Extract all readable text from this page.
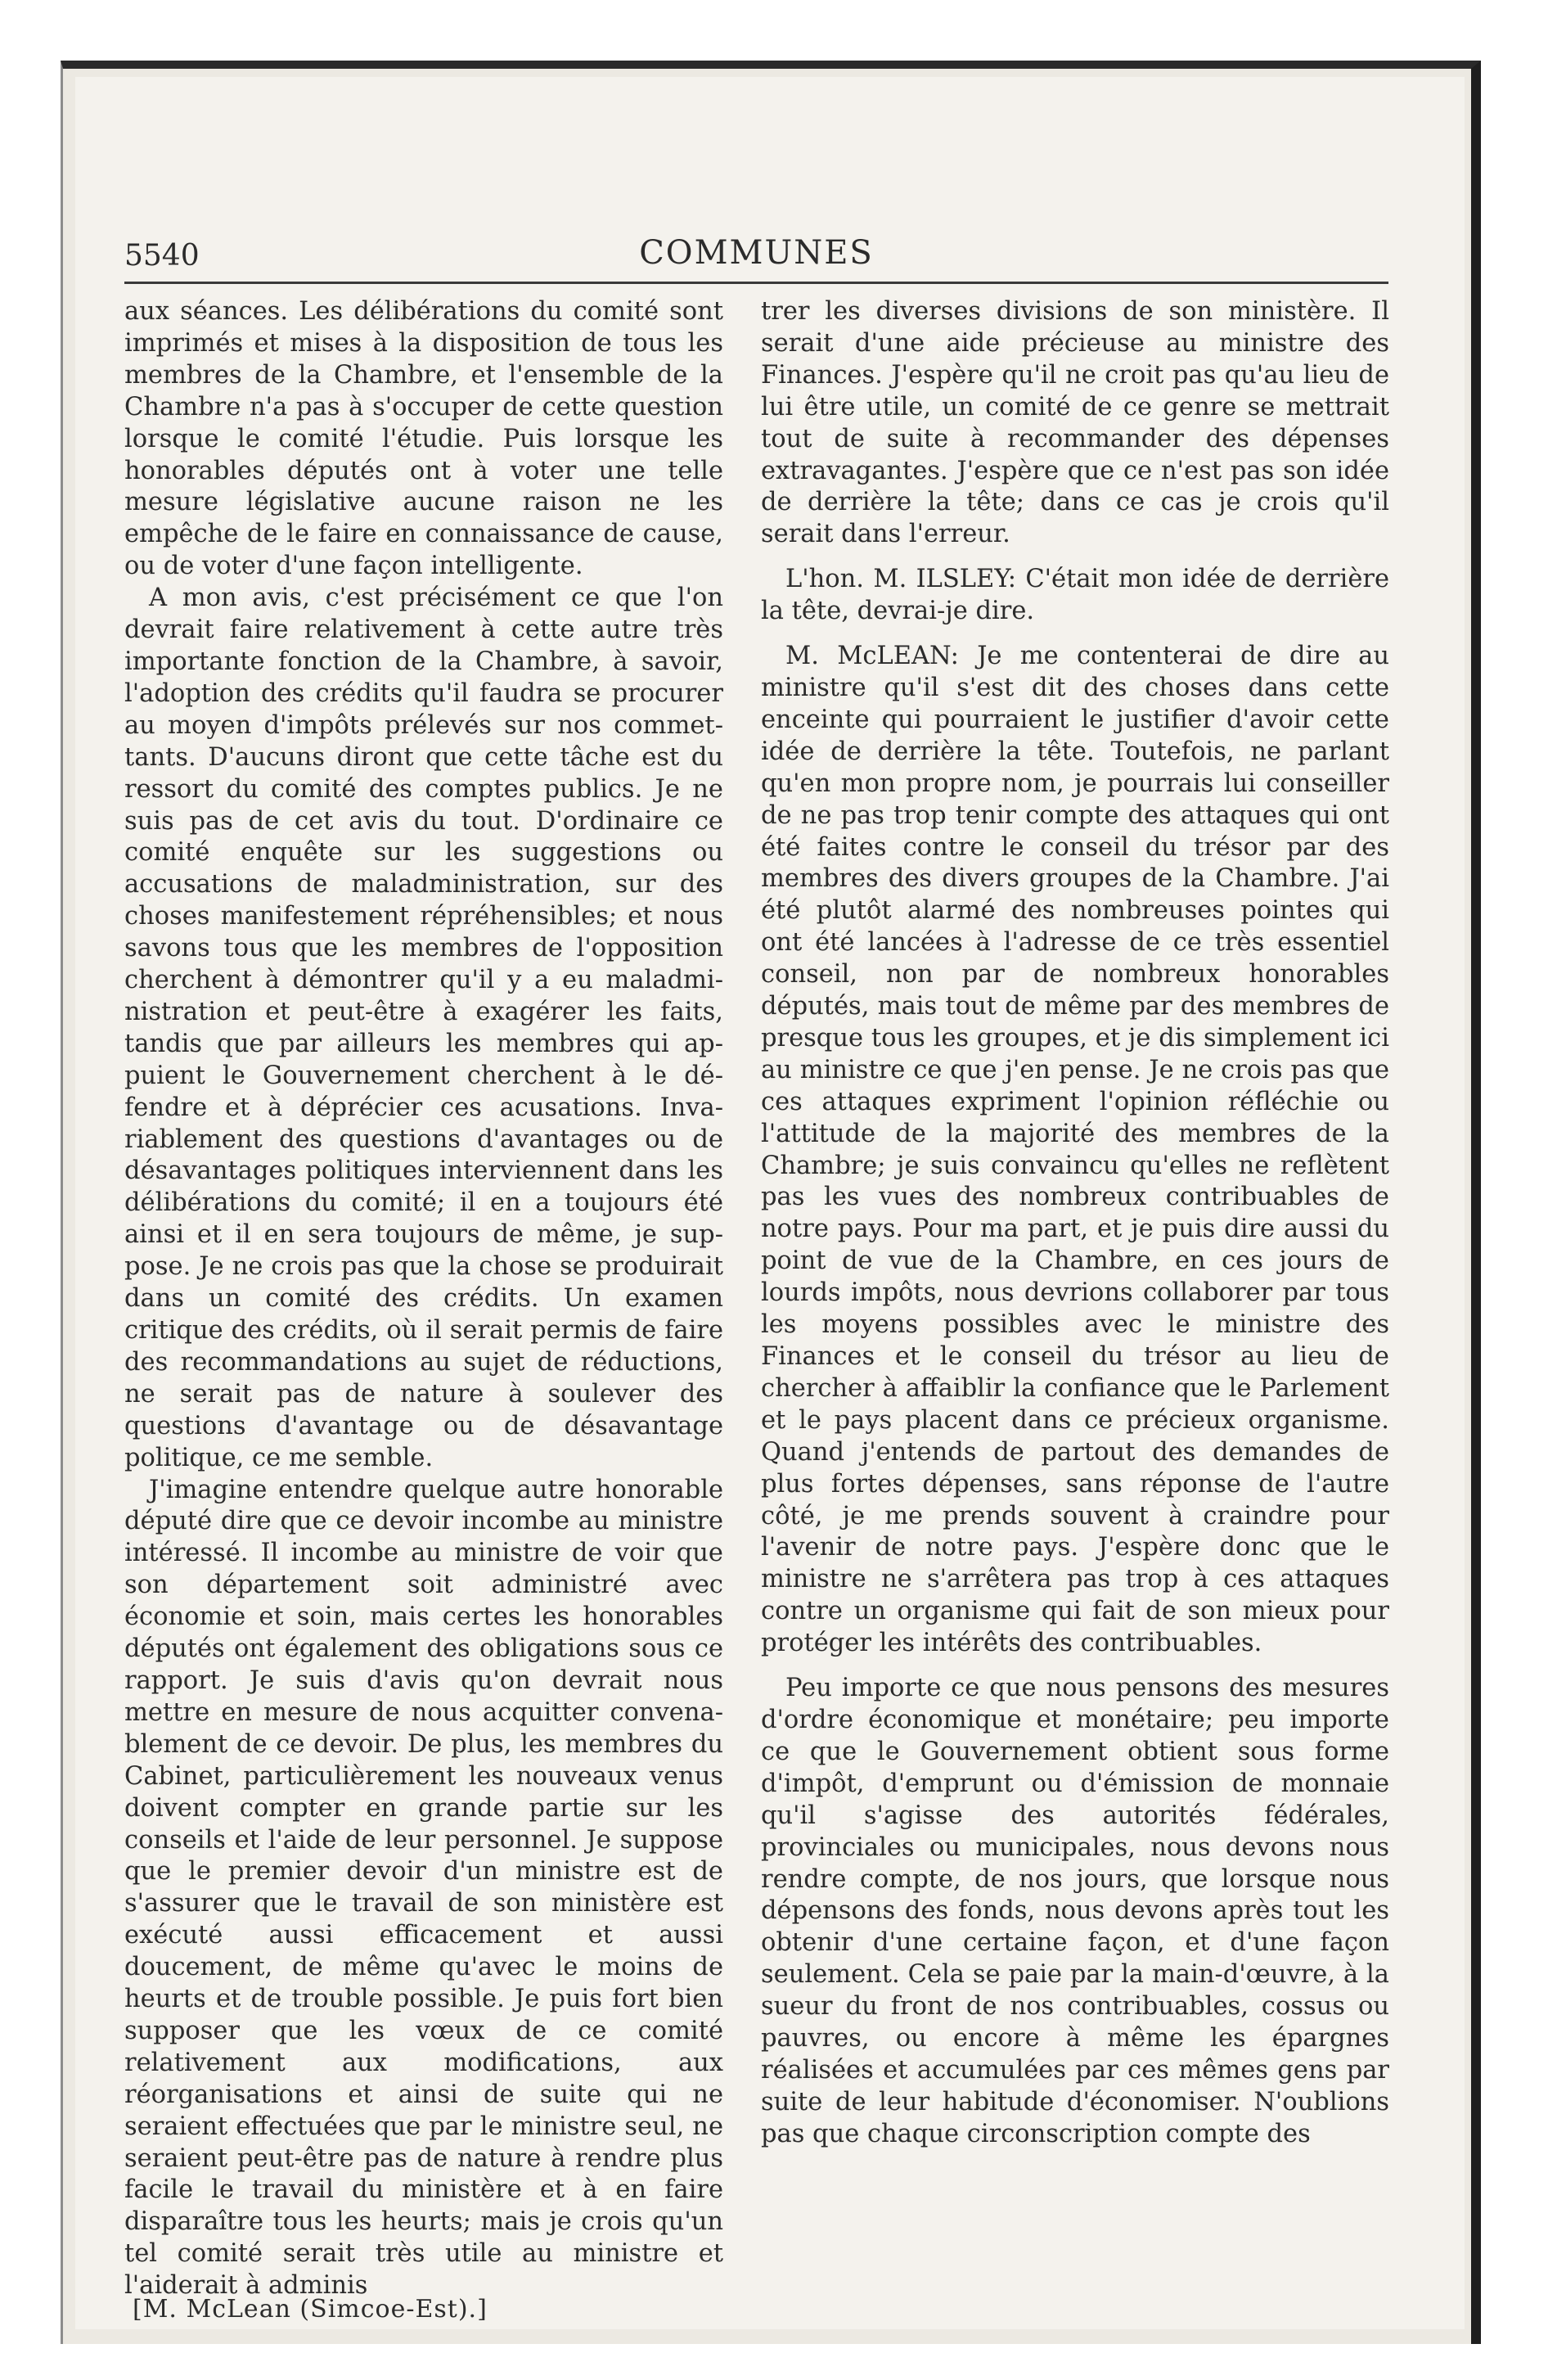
5540	COMMUNES

aux séances. Les délibérations du comité sont imprimés et mises à la disposition de tous les membres de la Chambre, et l'ensemble de la Chambre n'a pas à s'occuper de cette question lorsque le comité l'étudie. Puis lorsque les honorables députés ont à voter une telle mesure législative aucune raison ne les empêche de le faire en connaissance de cause, ou de voter d'une façon intelligente.

A mon avis, c'est précisément ce que l'on devrait faire relativement à cette autre très importante fonction de la Chambre, à savoir, l'adoption des crédits qu'il faudra se procurer au moyen d'impôts prélevés sur nos commettants. D'aucuns diront que cette tâche est du ressort du comité des comptes publics. Je ne suis pas de cet avis du tout. D'ordinaire ce comité enquête sur les suggestions ou accusations de maladministration, sur des choses manifestement répréhensibles; et nous savons tous que les membres de l'opposition cherchent à démontrer qu'il y a eu maladministration et peut-être à exagérer les faits, tandis que par ailleurs les membres qui appuient le Gouvernement cherchent à le défendre et à déprécier ces acusations. Invariablement des questions d'avantages ou de désavantages politiques interviennent dans les délibérations du comité; il en a toujours été ainsi et il en sera toujours de même, je suppose. Je ne crois pas que la chose se produirait dans un comité des crédits. Un examen critique des crédits, où il serait permis de faire des recommandations au sujet de réductions, ne serait pas de nature à soulever des questions d'avantage ou de désavantage politique, ce me semble.

J'imagine entendre quelque autre honorable député dire que ce devoir incombe au ministre intéressé. Il incombe au ministre de voir que son département soit administré avec économie et soin, mais certes les honorables députés ont également des obligations sous ce rapport. Je suis d'avis qu'on devrait nous mettre en mesure de nous acquitter convenablement de ce devoir. De plus, les membres du Cabinet, particulièrement les nouveaux venus doivent compter en grande partie sur les conseils et l'aide de leur personnel. Je suppose que le premier devoir d'un ministre est de s'assurer que le travail de son ministère est exécuté aussi efficacement et aussi doucement, de même qu'avec le moins de heurts et de trouble possible. Je puis fort bien supposer que les vœux de ce comité relativement aux modifications, aux réorganisations et ainsi de suite qui ne seraient effectuées que par le ministre seul, ne seraient peut-être pas de nature à rendre plus facile le travail du ministère et à en faire disparaître tous les heurts; mais je crois qu'un tel comité serait très utile au ministre et l'aiderait à adminis

trer les diverses divisions de son ministère. Il serait d'une aide précieuse au ministre des Finances. J'espère qu'il ne croit pas qu'au lieu de lui être utile, un comité de ce genre se mettrait tout de suite à recommander des dépenses extravagantes. J'espère que ce n'est pas son idée de derrière la tête; dans ce cas je crois qu'il serait dans l'erreur.

L'hon. M. ILSLEY: C'était mon idée de derrière la tête, devrai-je dire.

M. McLEAN: Je me contenterai de dire au ministre qu'il s'est dit des choses dans cette enceinte qui pourraient le justifier d'avoir cette idée de derrière la tête. Toutefois, ne parlant qu'en mon propre nom, je pourrais lui conseiller de ne pas trop tenir compte des attaques qui ont été faites contre le conseil du trésor par des membres des divers groupes de la Chambre. J'ai été plutôt alarmé des nombreuses pointes qui ont été lancées à l'adresse de ce très essentiel conseil, non par de nombreux honorables députés, mais tout de même par des membres de presque tous les groupes, et je dis simplement ici au ministre ce que j'en pense. Je ne crois pas que ces attaques expriment l'opinion réfléchie ou l'attitude de la majorité des membres de la Chambre; je suis convaincu qu'elles ne reflètent pas les vues des nombreux contribuables de notre pays. Pour ma part, et je puis dire aussi du point de vue de la Chambre, en ces jours de lourds impôts, nous devrions collaborer par tous les moyens possibles avec le ministre des Finances et le conseil du trésor au lieu de chercher à affaiblir la confiance que le Parlement et le pays placent dans ce précieux organisme. Quand j'entends de partout des demandes de plus fortes dépenses, sans réponse de l'autre côté, je me prends souvent à craindre pour l'avenir de notre pays. J'espère donc que le ministre ne s'arrêtera pas trop à ces attaques contre un organisme qui fait de son mieux pour protéger les intérêts des contribuables.

Peu importe ce que nous pensons des mesures d'ordre économique et monétaire; peu importe ce que le Gouvernement obtient sous forme d'impôt, d'emprunt ou d'émission de monnaie qu'il s'agisse des autorités fédérales, provinciales ou municipales, nous devons nous rendre compte, de nos jours, que lorsque nous dépensons des fonds, nous devons après tout les obtenir d'une certaine façon, et d'une façon seulement. Cela se paie par la main-d'œuvre, à la sueur du front de nos contribuables, cossus ou pauvres, ou encore à même les épargnes réalisées et accumulées par ces mêmes gens par suite de leur habitude d'économiser. N'oublions pas que chaque circonscription compte des

[M. McLean (Simcoe-Est).]
